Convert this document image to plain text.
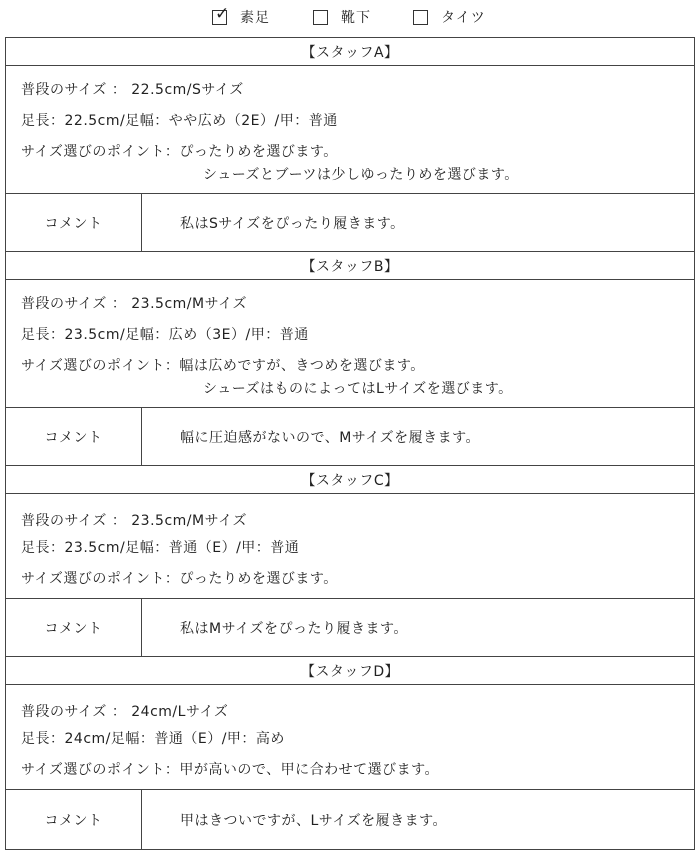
✓ 素足	靴下	タイツ
【スタッフA】
普段のサイズ ： 22.5cm/Sサイズ
足長：22.5cm/足幅：やや広め（2E）/甲：普通
サイズ選びのポイント：ぴったりめを選びます。
シューズとブーツは少しゆったりめを選びます。
コメント	私はSサイズをぴったり履きます。
【スタッフB】
普段のサイズ ： 23.5cm/Mサイズ
足長：23.5cm/足幅：広め（3E）/甲：普通
サイズ選びのポイント：幅は広めですが、きつめを選びます。
シューズはものによってはLサイズを選びます。
コメント	幅に圧迫感がないので、Mサイズを履きます。
【スタッフC】
普段のサイズ ： 23.5cm/Mサイズ
足長：23.5cm/足幅：普通（E）/甲：普通
サイズ選びのポイント：ぴったりめを選びます。
コメント	私はMサイズをぴったり履きます。
【スタッフD】
普段のサイズ ： 24cm/Lサイズ
足長：24cm/足幅：普通（E）/甲：高め
サイズ選びのポイント：甲が高いので、甲に合わせて選びます。
コメント	甲はきついですが、Lサイズを履きます。
